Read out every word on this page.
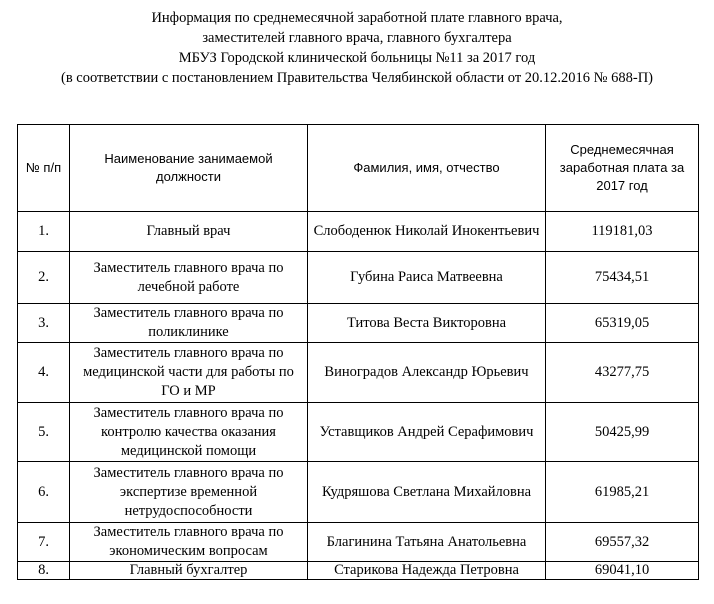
Информация по среднемесячной заработной плате главного врача,
заместителей главного врача, главного бухгалтера
МБУЗ Городской клинической больницы №11 за 2017 год
(в соответствии с постановлением Правительства Челябинской области от 20.12.2016 № 688-П)
№ п/п	Наименование занимаемой должности	Фамилия, имя, отчество	Среднемесячная заработная плата за 2017 год
1.	Главный врач	Слободенюк Николай Инокентьевич	119181,03
2.	Заместитель главного врача по лечебной работе	Губина Раиса Матвеевна	75434,51
3.	Заместитель главного врача по поликлинике	Титова Веста Викторовна	65319,05
4.	Заместитель главного врача по медицинской части для работы по ГО и МР	Виноградов Александр Юрьевич	43277,75
5.	Заместитель главного врача по контролю качества оказания медицинской помощи	Уставщиков Андрей Серафимович	50425,99
6.	Заместитель главного врача по экспертизе временной нетрудоспособности	Кудряшова Светлана Михайловна	61985,21
7.	Заместитель главного врача по экономическим вопросам	Благинина Татьяна Анатольевна	69557,32
8.	Главный бухгалтер	Старикова Надежда Петровна	69041,10
